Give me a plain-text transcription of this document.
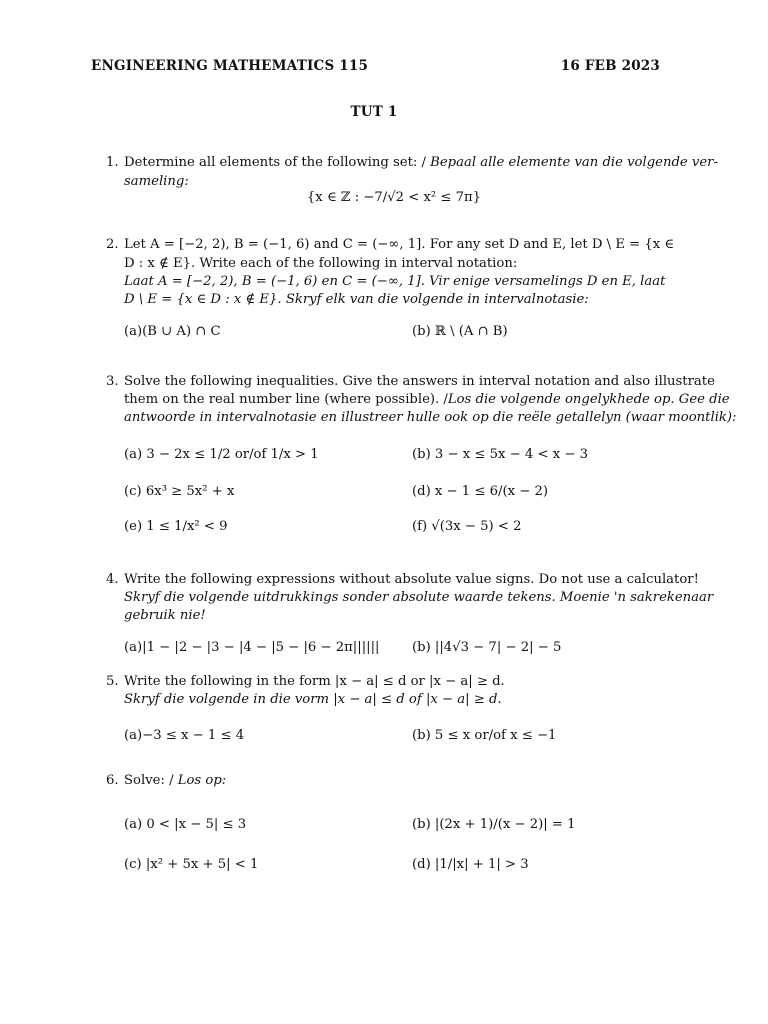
ENGINEERING MATHEMATICS 115	16 FEB 2023
TUT 1
1. Determine all elements of the following set: / Bepaal alle elemente van die volgende ver-
sameling:
{x ∈ ℤ : −7/√2 < x² ≤ 7π}
2. Let A = [−2, 2), B = (−1, 6) and C = (−∞, 1]. For any set D and E, let D \ E = {x ∈
D : x ∉ E}. Write each of the following in interval notation:
Laat A = [−2, 2), B = (−1, 6) en C = (−∞, 1]. Vir enige versamelings D en E, laat
D \ E = {x ∈ D : x ∉ E}. Skryf elk van die volgende in intervalnotasie:
(a)(B ∪ A) ∩ C	(b) ℝ \ (A ∩ B)
3. Solve the following inequalities. Give the answers in interval notation and also illustrate
them on the real number line (where possible). /Los die volgende ongelykhede op. Gee die
antwoorde in intervalnotasie en illustreer hulle ook op die reële getallelyn (waar moontlik):
(a) 3 − 2x ≤ 1/2 or/of 1/x > 1	(b) 3 − x ≤ 5x − 4 < x − 3
(c) 6x³ ≥ 5x² + x	(d) x − 1 ≤ 6/(x − 2)
(e) 1 ≤ 1/x² < 9	(f) √(3x − 5) < 2
4. Write the following expressions without absolute value signs. Do not use a calculator!
Skryf die volgende uitdrukkings sonder absolute waarde tekens. Moenie 'n sakrekenaar
gebruik nie!
(a)|1 − |2 − |3 − |4 − |5 − |6 − 2π|||||| (b) ||4√3 − 7| − 2| − 5
5. Write the following in the form |x − a| ≤ d or |x − a| ≥ d.
Skryf die volgende in die vorm |x − a| ≤ d of |x − a| ≥ d.
(a)−3 ≤ x − 1 ≤ 4	(b) 5 ≤ x or/of x ≤ −1
6. Solve: / Los op:
(a) 0 < |x − 5| ≤ 3	(b) |(2x + 1)/(x − 2)| = 1
(c) |x² + 5x + 5| < 1	(d) |1/|x| + 1| > 3
